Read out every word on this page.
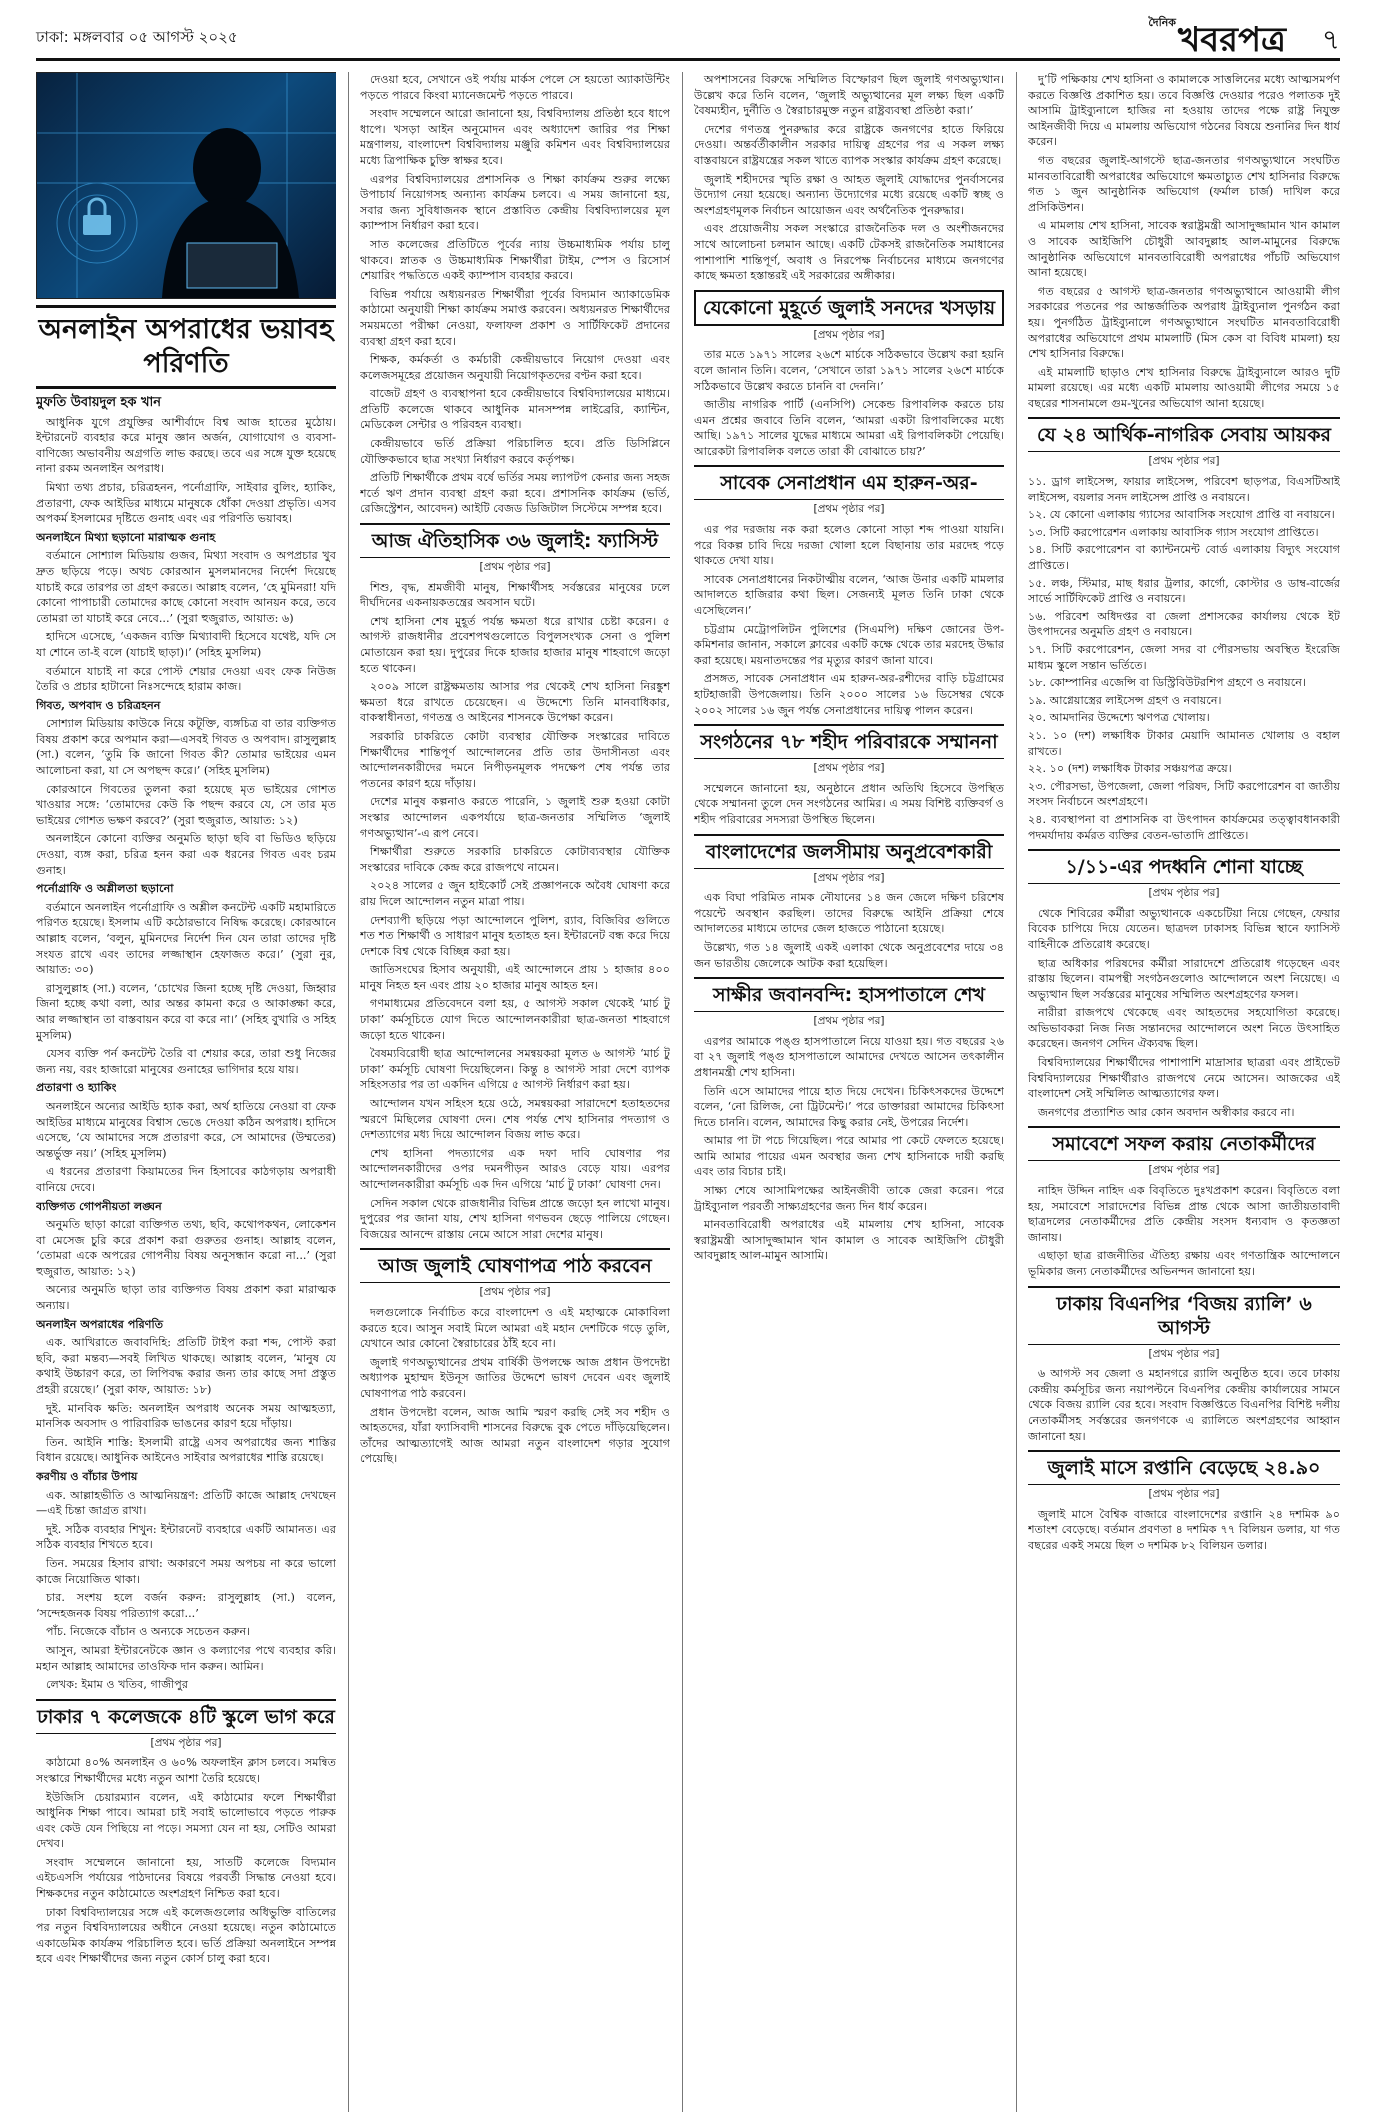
ঢাকা: মঙ্গলবার ০৫ আগস্ট ২০২৫
$^{দৈনিক}$খবরপত্র ৭
অনলাইন অপরাধের ভয়াবহ পরিণতি
মুফতি উবায়দুল হক খান

আধুনিক যুগে প্রযুক্তির আশীর্বাদে বিশ্ব আজ হাতের মুঠোয়। ইন্টারনেট ব্যবহার করে মানুষ জ্ঞান অর্জন, যোগাযোগ ও ব্যবসা-বাণিজ্যে অভাবনীয় অগ্রগতি লাভ করছে। তবে এর সঙ্গে যুক্ত হয়েছে নানা রকম অনলাইন অপরাধ।

মিথ্যা তথ্য প্রচার, চরিত্রহনন, পর্নোগ্রাফি, সাইবার বুলিং, হ্যাকিং, প্রতারণা, ফেক আইডির মাধ্যমে মানুষকে ধোঁকা দেওয়া প্রভৃতি। এসব অপকর্ম ইসলামের দৃষ্টিতে গুনাহ এবং এর পরিণতি ভয়াবহ।

অনলাইনে মিথ্যা ছড়ানো মারাত্মক গুনাহ

বর্তমানে সোশ্যাল মিডিয়ায় গুজব, মিথ্যা সংবাদ ও অপপ্রচার খুব দ্রুত ছড়িয়ে পড়ে। অথচ কোরআন মুসলমানদের নির্দেশ দিয়েছে যাচাই করে তারপর তা গ্রহণ করতে। আল্লাহ বলেন, ‘হে মুমিনরা! যদি কোনো পাপাচারী তোমাদের কাছে কোনো সংবাদ আনয়ন করে, তবে তোমরা তা যাচাই করে নেবে...’ (সুরা হুজুরাত, আয়াত: ৬)

হাদিসে এসেছে, ‘একজন ব্যক্তি মিথ্যাবাদী হিসেবে যথেষ্ট, যদি সে যা শোনে তা-ই বলে (যাচাই ছাড়া)।’ (সহিহ মুসলিম)

বর্তমানে যাচাই না করে পোস্ট শেয়ার দেওয়া এবং ফেক নিউজ তৈরি ও প্রচার হাটানো নিঃসন্দেহে হারাম কাজ।

গিবত, অপবাদ ও চরিত্রহনন

সোশ্যাল মিডিয়ায় কাউকে নিয়ে কটূক্তি, ব্যঙ্গচিত্র বা তার ব্যক্তিগত বিষয় প্রকাশ করে অপমান করা—এসবই গিবত ও অপবাদ। রাসুলুল্লাহ (সা.) বলেন, ‘তুমি কি জানো গিবত কী? তোমার ভাইয়ের এমন আলোচনা করা, যা সে অপছন্দ করে।’ (সহিহ মুসলিম)

কোরআনে গিবতের তুলনা করা হয়েছে মৃত ভাইয়ের গোশত খাওয়ার সঙ্গে: ‘তোমাদের কেউ কি পছন্দ করবে যে, সে তার মৃত ভাইয়ের গোশত ভক্ষণ করবে?’ (সুরা হুজুরাত, আয়াত: ১২)

অনলাইনে কোনো ব্যক্তির অনুমতি ছাড়া ছবি বা ভিডিও ছড়িয়ে দেওয়া, ব্যঙ্গ করা, চরিত্র হনন করা এক ধরনের গিবত এবং চরম গুনাহ।

পর্নোগ্রাফি ও অশ্লীলতা ছড়ানো

বর্তমানে অনলাইন পর্নোগ্রাফি ও অশ্লীল কনটেন্ট একটি মহামারিতে পরিণত হয়েছে। ইসলাম এটি কঠোরভাবে নিষিদ্ধ করেছে। কোরআনে আল্লাহ বলেন, ‘বলুন, মুমিনদের নির্দেশ দিন যেন তারা তাদের দৃষ্টি সংযত রাখে এবং তাদের লজ্জাস্থান হেফাজত করে।’ (সুরা নুর, আয়াত: ৩০)

রাসুলুল্লাহ (সা.) বলেন, ‘চোখের জিনা হচ্ছে দৃষ্টি দেওয়া, জিহ্বার জিনা হচ্ছে কথা বলা, আর অন্তর কামনা করে ও আকাঙ্ক্ষা করে, আর লজ্জাস্থান তা বাস্তবায়ন করে বা করে না।’ (সহিহ বুখারি ও সহিহ মুসলিম)

যেসব ব্যক্তি পর্ন কনটেন্ট তৈরি বা শেয়ার করে, তারা শুধু নিজের জন্য নয়, বরং হাজারো মানুষের গুনাহের ভাগিদার হয়ে যায়।

প্রতারণা ও হ্যাকিং

অনলাইনে অন্যের আইডি হ্যাক করা, অর্থ হাতিয়ে নেওয়া বা ফেক আইডির মাধ্যমে মানুষের বিশ্বাস ভেঙে দেওয়া কঠিন অপরাধ। হাদিসে এসেছে, ‘যে আমাদের সঙ্গে প্রতারণা করে, সে আমাদের (উম্মতের) অন্তর্ভুক্ত নয়।’ (সহিহ মুসলিম)

এ ধরনের প্রতারণা কিয়ামতের দিন হিসাবের কাঠগড়ায় অপরাধী বানিয়ে দেবে।

ব্যক্তিগত গোপনীয়তা লঙ্ঘন

অনুমতি ছাড়া কারো ব্যক্তিগত তথ্য, ছবি, কথোপকথন, লোকেশন বা মেসেজ চুরি করে প্রকাশ করা গুরুতর গুনাহ। আল্লাহ বলেন, ‘তোমরা একে অপরের গোপনীয় বিষয় অনুসন্ধান করো না...’ (সুরা হুজুরাত, আয়াত: ১২)

অন্যের অনুমতি ছাড়া তার ব্যক্তিগত বিষয় প্রকাশ করা মারাত্মক অন্যায়।

অনলাইন অপরাধের পরিণতি

এক. আখিরাতে জবাবদিহি: প্রতিটি টাইপ করা শব্দ, পোস্ট করা ছবি, করা মন্তব্য—সবই লিখিত থাকছে। আল্লাহ বলেন, ‘মানুষ যে কথাই উচ্চারণ করে, তা লিপিবদ্ধ করার জন্য তার কাছে সদা প্রস্তুত প্রহরী রয়েছে।’ (সুরা কাফ, আয়াত: ১৮)

দুই. মানবিক ক্ষতি: অনলাইন অপরাধ অনেক সময় আত্মহত্যা, মানসিক অবসাদ ও পারিবারিক ভাঙনের কারণ হয়ে দাঁড়ায়।

তিন. আইনি শাস্তি: ইসলামী রাষ্ট্রে এসব অপরাধের জন্য শাস্তির বিধান রয়েছে। আধুনিক আইনেও সাইবার অপরাধের শাস্তি রয়েছে।

করণীয় ও বাঁচার উপায়

এক. আল্লাহভীতি ও আত্মনিয়ন্ত্রণ: প্রতিটি কাজে আল্লাহ দেখছেন—এই চিন্তা জাগ্রত রাখা।

দুই. সঠিক ব্যবহার শিখুন: ইন্টারনেট ব্যবহারে একটি আমানত। এর সঠিক ব্যবহার শিখতে হবে।

তিন. সময়ের হিসাব রাখা: অকারণে সময় অপচয় না করে ভালো কাজে নিয়োজিত থাকা।

চার. সংশয় হলে বর্জন করুন: রাসুলুল্লাহ (সা.) বলেন, ‘সন্দেহজনক বিষয় পরিত্যাগ করো...’

পাঁচ. নিজেকে বাঁচান ও অন্যকে সচেতন করুন।

আসুন, আমরা ইন্টারনেটকে জ্ঞান ও কল্যাণের পথে ব্যবহার করি। মহান আল্লাহ আমাদের তাওফিক দান করুন। আমিন।

লেখক: ইমাম ও খতিব, গাজীপুর

ঢাকার ৭ কলেজকে ৪টি স্কুলে ভাগ করে
[প্রথম পৃষ্ঠার পর]

কাঠামো ৪০% অনলাইন ও ৬০% অফলাইন ক্লাস চলবে। সমন্বিত সংস্কারে শিক্ষার্থীদের মধ্যে নতুন আশা তৈরি হয়েছে।

ইউজিসি চেয়ারম্যান বলেন, এই কাঠামোর ফলে শিক্ষার্থীরা আধুনিক শিক্ষা পাবে। আমরা চাই সবাই ভালোভাবে পড়তে পারুক এবং কেউ যেন পিছিয়ে না পড়ে। সমস্যা যেন না হয়, সেটিও আমরা দেখব।

সংবাদ সম্মেলনে জানানো হয়, সাতটি কলেজে বিদ্যমান এইচএসসি পর্যায়ের পাঠদানের বিষয়ে পরবর্তী সিদ্ধান্ত নেওয়া হবে। শিক্ষকদের নতুন কাঠামোতে অংশগ্রহণ নিশ্চিত করা হবে।

ঢাকা বিশ্ববিদ্যালয়ের সঙ্গে এই কলেজগুলোর অধিভুক্তি বাতিলের পর নতুন বিশ্ববিদ্যালয়ের অধীনে নেওয়া হয়েছে। নতুন কাঠামোতে একাডেমিক কার্যক্রম পরিচালিত হবে। ভর্তি প্রক্রিয়া অনলাইনে সম্পন্ন হবে এবং শিক্ষার্থীদের জন্য নতুন কোর্স চালু করা হবে।

দেওয়া হবে, সেখানে ওই পর্যায় মার্কস পেলে সে হয়তো অ্যাকাউন্টিং পড়তে পারবে কিংবা ম্যানেজমেন্ট পড়তে পারবে।

সংবাদ সম্মেলনে আরো জানানো হয়, বিশ্ববিদ্যালয় প্রতিষ্ঠা হবে ধাপে ধাপে। খসড়া আইন অনুমোদন এবং অধ্যাদেশ জারির পর শিক্ষা মন্ত্রণালয়, বাংলাদেশ বিশ্ববিদ্যালয় মঞ্জুরি কমিশন এবং বিশ্ববিদ্যালয়ের মধ্যে ত্রিপাক্ষিক চুক্তি স্বাক্ষর হবে।

এরপর বিশ্ববিদ্যালয়ের প্রশাসনিক ও শিক্ষা কার্যক্রম শুরুর লক্ষ্যে উপাচার্য নিয়োগসহ অন্যান্য কার্যক্রম চলবে। এ সময় জানানো হয়, সবার জন্য সুবিধাজনক স্থানে প্রস্তাবিত কেন্দ্রীয় বিশ্ববিদ্যালয়ের মূল ক্যাম্পাস নির্ধারণ করা হবে।

সাত কলেজের প্রতিটিতে পূর্বের ন্যায় উচ্চমাধ্যমিক পর্যায় চালু থাকবে। স্নাতক ও উচ্চমাধ্যমিক শিক্ষার্থীরা টাইম, স্পেস ও রিসোর্স শেয়ারিং পদ্ধতিতে একই ক্যাম্পাস ব্যবহার করবে।

বিভিন্ন পর্যায়ে অধ্যয়নরত শিক্ষার্থীরা পূর্বের বিদ্যমান অ্যাকাডেমিক কাঠামো অনুযায়ী শিক্ষা কার্যক্রম সমাপ্ত করবেন। অধ্যয়নরত শিক্ষার্থীদের সময়মতো পরীক্ষা নেওয়া, ফলাফল প্রকাশ ও সার্টিফিকেট প্রদানের ব্যবস্থা গ্রহণ করা হবে।

শিক্ষক, কর্মকর্তা ও কর্মচারী কেন্দ্রীয়ভাবে নিয়োগ দেওয়া এবং কলেজসমূহের প্রয়োজন অনুযায়ী নিয়োগকৃতদের বণ্টন করা হবে।

বাজেট গ্রহণ ও ব্যবস্থাপনা হবে কেন্দ্রীয়ভাবে বিশ্ববিদ্যালয়ের মাধ্যমে। প্রতিটি কলেজে থাকবে আধুনিক মানসম্পন্ন লাইব্রেরি, ক্যান্টিন, মেডিকেল সেন্টার ও পরিবহন ব্যবস্থা।

কেন্দ্রীয়ভাবে ভর্তি প্রক্রিয়া পরিচালিত হবে। প্রতি ডিসিপ্লিনে যৌক্তিকভাবে ছাত্র সংখ্যা নির্ধারণ করবে কর্তৃপক্ষ।

প্রতিটি শিক্ষার্থীকে প্রথম বর্ষে ভর্তির সময় ল্যাপটপ কেনার জন্য সহজ শর্তে ঋণ প্রদান ব্যবস্থা গ্রহণ করা হবে। প্রশাসনিক কার্যক্রম (ভর্তি, রেজিস্ট্রেশন, আবেদন) আইটি বেজড ডিজিটাল সিস্টেমে সম্পন্ন হবে।

আজ ঐতিহাসিক ৩৬ জুলাই: ফ্যাসিস্ট
[প্রথম পৃষ্ঠার পর]

শিশু, বৃদ্ধ, শ্রমজীবী মানুষ, শিক্ষার্থীসহ সর্বস্তরের মানুষের ঢলে দীর্ঘদিনের একনায়কতন্ত্রের অবসান ঘটে।

শেখ হাসিনা শেষ মুহূর্ত পর্যন্ত ক্ষমতা ধরে রাখার চেষ্টা করেন। ৫ আগস্ট রাজধানীর প্রবেশপথগুলোতে বিপুলসংখ্যক সেনা ও পুলিশ মোতায়েন করা হয়। দুপুরের দিকে হাজার হাজার মানুষ শাহবাগে জড়ো হতে থাকেন।

২০০৯ সালে রাষ্ট্রক্ষমতায় আসার পর থেকেই শেখ হাসিনা নিরঙ্কুশ ক্ষমতা ধরে রাখতে চেয়েছেন। এ উদ্দেশ্যে তিনি মানবাধিকার, বাকস্বাধীনতা, গণতন্ত্র ও আইনের শাসনকে উপেক্ষা করেন।

সরকারি চাকরিতে কোটা ব্যবস্থার যৌক্তিক সংস্কারের দাবিতে শিক্ষার্থীদের শান্তিপূর্ণ আন্দোলনের প্রতি তার উদাসীনতা এবং আন্দোলনকারীদের দমনে নিপীড়নমূলক পদক্ষেপ শেষ পর্যন্ত তার পতনের কারণ হয়ে দাঁড়ায়।

দেশের মানুষ কল্পনাও করতে পারেনি, ১ জুলাই শুরু হওয়া কোটা সংস্কার আন্দোলন একপর্যায়ে ছাত্র-জনতার সম্মিলিত ‘জুলাই গণঅভ্যুত্থান’-এ রূপ নেবে।

শিক্ষার্থীরা শুরুতে সরকারি চাকরিতে কোটাব্যবস্থার যৌক্তিক সংস্কারের দাবিকে কেন্দ্র করে রাজপথে নামেন।

২০২৪ সালের ৫ জুন হাইকোর্ট সেই প্রজ্ঞাপনকে অবৈধ ঘোষণা করে রায় দিলে আন্দোলন নতুন মাত্রা পায়।

দেশব্যাপী ছড়িয়ে পড়া আন্দোলনে পুলিশ, র‍্যাব, বিজিবির গুলিতে শত শত শিক্ষার্থী ও সাধারণ মানুষ হতাহত হন। ইন্টারনেট বন্ধ করে দিয়ে দেশকে বিশ্ব থেকে বিচ্ছিন্ন করা হয়।

জাতিসংঘের হিসাব অনুযায়ী, এই আন্দোলনে প্রায় ১ হাজার ৪০০ মানুষ নিহত হন এবং প্রায় ২০ হাজার মানুষ আহত হন।

গণমাধ্যমের প্রতিবেদনে বলা হয়, ৫ আগস্ট সকাল থেকেই ‘মার্চ টু ঢাকা’ কর্মসূচিতে যোগ দিতে আন্দোলনকারীরা ছাত্র-জনতা শাহবাগে জড়ো হতে থাকেন।

বৈষম্যবিরোধী ছাত্র আন্দোলনের সমন্বয়করা মূলত ৬ আগস্ট ‘মার্চ টু ঢাকা’ কর্মসূচি ঘোষণা দিয়েছিলেন। কিন্তু ৪ আগস্ট সারা দেশে ব্যাপক সহিংসতার পর তা একদিন এগিয়ে ৫ আগস্ট নির্ধারণ করা হয়।

আন্দোলন যখন সহিংস হয়ে ওঠে, সমন্বয়করা সারাদেশে হতাহতদের স্মরণে মিছিলের ঘোষণা দেন। শেষ পর্যন্ত শেখ হাসিনার পদত্যাগ ও দেশত্যাগের মধ্য দিয়ে আন্দোলন বিজয় লাভ করে।

শেখ হাসিনা পদত্যাগের এক দফা দাবি ঘোষণার পর আন্দোলনকারীদের ওপর দমনপীড়ন আরও বেড়ে যায়। এরপর আন্দোলনকারীরা কর্মসূচি এক দিন এগিয়ে ‘মার্চ টু ঢাকা’ ঘোষণা দেন।

সেদিন সকাল থেকে রাজধানীর বিভিন্ন প্রান্তে জড়ো হন লাখো মানুষ। দুপুরের পর জানা যায়, শেখ হাসিনা গণভবন ছেড়ে পালিয়ে গেছেন। বিজয়ের আনন্দে রাস্তায় নেমে আসে সারা দেশের মানুষ।

আজ জুলাই ঘোষণাপত্র পাঠ করবেন
[প্রথম পৃষ্ঠার পর]

দলগুলোকে নির্বাচিত করে বাংলাদেশ ও এই মহাত্মকে মোকাবিলা করতে হবে। আসুন সবাই মিলে আমরা এই মহান দেশটিকে গড়ে তুলি, যেখানে আর কোনো স্বৈরাচারের ঠাঁই হবে না।

জুলাই গণঅভ্যুত্থানের প্রথম বার্ষিকী উপলক্ষে আজ প্রধান উপদেষ্টা অধ্যাপক মুহাম্মদ ইউনূস জাতির উদ্দেশে ভাষণ দেবেন এবং জুলাই ঘোষণাপত্র পাঠ করবেন।

প্রধান উপদেষ্টা বলেন, আজ আমি স্মরণ করছি সেই সব শহীদ ও আহতদের, যাঁরা ফ্যাসিবাদী শাসনের বিরুদ্ধে বুক পেতে দাঁড়িয়েছিলেন। তাঁদের আত্মত্যাগেই আজ আমরা নতুন বাংলাদেশ গড়ার সুযোগ পেয়েছি।

অপশাসনের বিরুদ্ধে সম্মিলিত বিস্ফোরণ ছিল জুলাই গণঅভ্যুত্থান। উল্লেখ করে তিনি বলেন, ‘জুলাই অভ্যুত্থানের মূল লক্ষ্য ছিল একটি বৈষম্যহীন, দুর্নীতি ও স্বৈরাচারমুক্ত নতুন রাষ্ট্রব্যবস্থা প্রতিষ্ঠা করা।’

দেশের গণতন্ত্র পুনরুদ্ধার করে রাষ্ট্রকে জনগণের হাতে ফিরিয়ে দেওয়া। অন্তর্বর্তীকালীন সরকার দায়িত্ব গ্রহণের পর এ সকল লক্ষ্য বাস্তবায়নে রাষ্ট্রযন্ত্রের সকল খাতে ব্যাপক সংস্কার কার্যক্রম গ্রহণ করেছে।

জুলাই শহীদদের স্মৃতি রক্ষা ও আহত জুলাই যোদ্ধাদের পুনর্বাসনের উদ্যোগ নেয়া হয়েছে। অন্যান্য উদ্যোগের মধ্যে রয়েছে একটি স্বচ্ছ ও অংশগ্রহণমূলক নির্বাচন আয়োজন এবং অর্থনৈতিক পুনরুদ্ধার।

এবং প্রয়োজনীয় সকল সংস্কারে রাজনৈতিক দল ও অংশীজনদের সাথে আলোচনা চলমান আছে। একটি টেকসই রাজনৈতিক সমাধানের পাশাপাশি শান্তিপূর্ণ, অবাধ ও নিরপেক্ষ নির্বাচনের মাধ্যমে জনগণের কাছে ক্ষমতা হস্তান্তরই এই সরকারের অঙ্গীকার।

যেকোনো মুহূর্তে জুলাই সনদের খসড়ায়
[প্রথম পৃষ্ঠার পর]

তার মতে ১৯৭১ সালের ২৬শে মার্চকে সঠিকভাবে উল্লেখ করা হয়নি বলে জানান তিনি। বলেন, ‘সেখানে তারা ১৯৭১ সালের ২৬শে মার্চকে সঠিকভাবে উল্লেখ করতে চাননি বা দেননি।’

জাতীয় নাগরিক পার্টি (এনসিপি) সেকেন্ড রিপাবলিক করতে চায় এমন প্রশ্নের জবাবে তিনি বলেন, ‘আমরা একটা রিপাবলিকের মধ্যে আছি। ১৯৭১ সালের যুদ্ধের মাধ্যমে আমরা এই রিপাবলিকটা পেয়েছি। আরেকটা রিপাবলিক বলতে তারা কী বোঝাতে চায়?’

সাবেক সেনাপ্রধান এম হারুন-অর-
[প্রথম পৃষ্ঠার পর]

এর পর দরজায় নক করা হলেও কোনো সাড়া শব্দ পাওয়া যায়নি। পরে বিকল্প চাবি দিয়ে দরজা খোলা হলে বিছানায় তার মরদেহ পড়ে থাকতে দেখা যায়।

সাবেক সেনাপ্রধানের নিকটাত্মীয় বলেন, ‘আজ উনার একটি মামলার আদালতে হাজিরার কথা ছিল। সেজন্যই মূলত তিনি ঢাকা থেকে এসেছিলেন।’

চট্টগ্রাম মেট্রোপলিটন পুলিশের (সিএমপি) দক্ষিণ জোনের উপ-কমিশনার জানান, সকালে ক্লাবের একটি কক্ষে থেকে তার মরদেহ উদ্ধার করা হয়েছে। ময়নাতদন্তের পর মৃত্যুর কারণ জানা যাবে।

প্রসঙ্গত, সাবেক সেনাপ্রধান এম হারুন-অর-রশীদের বাড়ি চট্টগ্রামের হাটহাজারী উপজেলায়। তিনি ২০০০ সালের ১৬ ডিসেম্বর থেকে ২০০২ সালের ১৬ জুন পর্যন্ত সেনাপ্রধানের দায়িত্ব পালন করেন।

সংগঠনের ৭৮ শহীদ পরিবারকে সম্মাননা
[প্রথম পৃষ্ঠার পর]

সম্মেলনে জানানো হয়, অনুষ্ঠানে প্রধান অতিথি হিসেবে উপস্থিত থেকে সম্মাননা তুলে দেন সংগঠনের আমির। এ সময় বিশিষ্ট ব্যক্তিবর্গ ও শহীদ পরিবারের সদস্যরা উপস্থিত ছিলেন।

বাংলাদেশের জলসীমায় অনুপ্রবেশকারী
[প্রথম পৃষ্ঠার পর]

এক বিঘা পরিমিত নামক নৌযানের ১৪ জন জেলে দক্ষিণ চরিশেষ পয়েন্টে অবস্থান করছিল। তাদের বিরুদ্ধে আইনি প্রক্রিয়া শেষে আদালতের মাধ্যমে তাদের জেল হাজতে পাঠানো হয়েছে।

উল্লেখ্য, গত ১৪ জুলাই একই এলাকা থেকে অনুপ্রবেশের দায়ে ৩৪ জন ভারতীয় জেলেকে আটক করা হয়েছিল।

সাক্ষীর জবানবন্দি: হাসপাতালে শেখ
[প্রথম পৃষ্ঠার পর]

এরপর আমাকে পঙ্গু হাসপাতালে নিয়ে যাওয়া হয়। গত বছরের ২৬ বা ২৭ জুলাই পঙ্গু হাসপাতালে আমাদের দেখতে আসেন তৎকালীন প্রধানমন্ত্রী শেখ হাসিনা।

তিনি এসে আমাদের পায়ে হাত দিয়ে দেখেন। চিকিৎসকদের উদ্দেশে বলেন, ‘নো রিলিজ, নো ট্রিটমেন্ট।’ পরে ডাক্তাররা আমাদের চিকিৎসা দিতে চাননি। বলেন, আমাদের কিছু করার নেই, উপরের নির্দেশ।

আমার পা টা পচে গিয়েছিল। পরে আমার পা কেটে ফেলতে হয়েছে। আমি আমার পায়ের এমন অবস্থার জন্য শেখ হাসিনাকে দায়ী করছি এবং তার বিচার চাই।

সাক্ষ্য শেষে আসামিপক্ষের আইনজীবী তাকে জেরা করেন। পরে ট্রাইব্যুনাল পরবর্তী সাক্ষ্যগ্রহণের জন্য দিন ধার্য করেন।

মানবতাবিরোধী অপরাধের এই মামলায় শেখ হাসিনা, সাবেক স্বরাষ্ট্রমন্ত্রী আসাদুজ্জামান খান কামাল ও সাবেক আইজিপি চৌধুরী আবদুল্লাহ আল-মামুন আসামি।

দু’টি পক্ষিকায় শেখ হাসিনা ও কামালকে সাত্তলিনের মধ্যে আত্মসমর্পণ করতে বিজ্ঞপ্তি প্রকাশিত হয়। তবে বিজ্ঞপ্তি দেওয়ার পরেও পলাতক দুই আসামি ট্রাইব্যুনালে হাজির না হওয়ায় তাদের পক্ষে রাষ্ট্র নিযুক্ত আইনজীবী দিয়ে এ মামলায় অভিযোগ গঠনের বিষয়ে শুনানির দিন ধার্য করেন।

গত বছরের জুলাই-আগস্টে ছাত্র-জনতার গণঅভ্যুত্থানে সংঘটিত মানবতাবিরোধী অপরাধের অভিযোগে ক্ষমতাচ্যুত শেখ হাসিনার বিরুদ্ধে গত ১ জুন আনুষ্ঠানিক অভিযোগ (ফর্মাল চার্জ) দাখিল করে প্রসিকিউশন।

এ মামলায় শেখ হাসিনা, সাবেক স্বরাষ্ট্রমন্ত্রী আসাদুজ্জামান খান কামাল ও সাবেক আইজিপি চৌধুরী আবদুল্লাহ আল-মামুনের বিরুদ্ধে আনুষ্ঠানিক অভিযোগে মানবতাবিরোধী অপরাধের পাঁচটি অভিযোগ আনা হয়েছে।

গত বছরের ৫ আগস্ট ছাত্র-জনতার গণঅভ্যুত্থানে আওয়ামী লীগ সরকারের পতনের পর আন্তর্জাতিক অপরাধ ট্রাইব্যুনাল পুনর্গঠন করা হয়। পুনর্গঠিত ট্রাইব্যুনালে গণঅভ্যুত্থানে সংঘটিত মানবতাবিরোধী অপরাধের অভিযোগে প্রথম মামলাটি (মিস কেস বা বিবিধ মামলা) হয় শেখ হাসিনার বিরুদ্ধে।

এই মামলাটি ছাড়াও শেখ হাসিনার বিরুদ্ধে ট্রাইব্যুনালে আরও দুটি মামলা রয়েছে। এর মধ্যে একটি মামলায় আওয়ামী লীগের সময়ে ১৫ বছরের শাসনামলে গুম-খুনের অভিযোগ আনা হয়েছে।

যে ২৪ আর্থিক-নাগরিক সেবায় আয়কর
[প্রথম পৃষ্ঠার পর]

১১. ড্রাগ লাইসেন্স, ফায়ার লাইসেন্স, পরিবেশ ছাড়পত্র, বিএসটিআই লাইসেন্স, বয়লার সনদ লাইসেন্স প্রাপ্তি ও নবায়নে।

১২. যে কোনো এলাকায় গ্যাসের আবাসিক সংযোগ প্রাপ্তি বা নবায়নে।

১৩. সিটি করপোরেশন এলাকায় আবাসিক গ্যাস সংযোগ প্রাপ্তিতে।

১৪. সিটি করপোরেশন বা ক্যান্টনমেন্ট বোর্ড এলাকায় বিদ্যুৎ সংযোগ প্রাপ্তিতে।

১৫. লঞ্চ, স্টিমার, মাছ ধরার ট্রলার, কার্গো, কোস্টার ও ডাম্ব-বার্জের সার্ভে সার্টিফিকেট প্রাপ্তি ও নবায়নে।

১৬. পরিবেশ অধিদপ্তর বা জেলা প্রশাসকের কার্যালয় থেকে ইট উৎপাদনের অনুমতি গ্রহণ ও নবায়নে।

১৭. সিটি করপোরেশন, জেলা সদর বা পৌরসভায় অবস্থিত ইংরেজি মাধ্যম স্কুলে সন্তান ভর্তিতে।

১৮. কোম্পানির এজেন্সি বা ডিস্ট্রিবিউটরশিপ গ্রহণে ও নবায়নে।

১৯. আগ্নেয়াস্ত্রের লাইসেন্স গ্রহণ ও নবায়নে।

২০. আমদানির উদ্দেশ্যে ঋণপত্র খোলায়।

২১. ১০ (দশ) লক্ষাধিক টাকার মেয়াদি আমানত খোলায় ও বহাল রাখতে।

২২. ১০ (দশ) লক্ষাধিক টাকার সঞ্চয়পত্র ক্রয়ে।

২৩. পৌরসভা, উপজেলা, জেলা পরিষদ, সিটি করপোরেশন বা জাতীয় সংসদ নির্বাচনে অংশগ্রহণে।

২৪. ব্যবস্থাপনা বা প্রশাসনিক বা উৎপাদন কার্যক্রমের তত্ত্বাবধানকারী পদমর্যাদায় কর্মরত ব্যক্তির বেতন-ভাতাদি প্রাপ্তিতে।

১/১১-এর পদধ্বনি শোনা যাচ্ছে
[প্রথম পৃষ্ঠার পর]

থেকে শিবিরের কর্মীরা অভ্যুত্থানকে একচেটিয়া নিয়ে গেছেন, ফেয়ার বিবেক চাপিয়ে দিয়ে যেতেন। ছাত্রদল ঢাকাসহ বিভিন্ন স্থানে ফ্যাসিস্ট বাহিনীকে প্রতিরোধ করেছে।

ছাত্র অধিকার পরিষদের কর্মীরা সারাদেশে প্রতিরোধ গড়েছেন এবং রাস্তায় ছিলেন। বামপন্থী সংগঠনগুলোও আন্দোলনে অংশ নিয়েছে। এ অভ্যুত্থান ছিল সর্বস্তরের মানুষের সম্মিলিত অংশগ্রহণের ফসল।

নারীরা রাজপথে থেকেছে এবং আহতদের সহযোগিতা করেছে। অভিভাবকরা নিজ নিজ সন্তানদের আন্দোলনে অংশ নিতে উৎসাহিত করেছেন। জনগণ সেদিন ঐক্যবদ্ধ ছিল।

বিশ্ববিদ্যালয়ের শিক্ষার্থীদের পাশাপাশি মাদ্রাসার ছাত্ররা এবং প্রাইভেট বিশ্ববিদ্যালয়ের শিক্ষার্থীরাও রাজপথে নেমে আসেন। আজকের এই বাংলাদেশ সেই সম্মিলিত আত্মত্যাগের ফল।

জনগণের প্রত্যাশিত আর কোন অবদান অস্বীকার করবে না।

সমাবেশে সফল করায় নেতাকর্মীদের
[প্রথম পৃষ্ঠার পর]

নাহিদ উদ্দিন নাহিদ এক বিবৃতিতে দুঃখপ্রকাশ করেন। বিবৃতিতে বলা হয়, সমাবেশে সারাদেশের বিভিন্ন প্রান্ত থেকে আসা জাতীয়তাবাদী ছাত্রদলের নেতাকর্মীদের প্রতি কেন্দ্রীয় সংসদ ধন্যবাদ ও কৃতজ্ঞতা জানায়।

এছাড়া ছাত্র রাজনীতির ঐতিহ্য রক্ষায় এবং গণতান্ত্রিক আন্দোলনে ভূমিকার জন্য নেতাকর্মীদের অভিনন্দন জানানো হয়।

ঢাকায় বিএনপির ‘বিজয় র‍্যালি’ ৬ আগস্ট
[প্রথম পৃষ্ঠার পর]

৬ আগস্ট সব জেলা ও মহানগরে র‍্যালি অনুষ্ঠিত হবে। তবে ঢাকায় কেন্দ্রীয় কর্মসূচির জন্য নয়াপল্টনে বিএনপির কেন্দ্রীয় কার্যালয়ের সামনে থেকে বিজয় র‍্যালি বের হবে। সংবাদ বিজ্ঞপ্তিতে বিএনপির বিশিষ্ট দলীয় নেতাকর্মীসহ সর্বস্তরের জনগণকে এ র‍্যালিতে অংশগ্রহণের আহ্বান জানানো হয়।

জুলাই মাসে রপ্তানি বেড়েছে ২৪.৯০
[প্রথম পৃষ্ঠার পর]

জুলাই মাসে বৈশ্বিক বাজারে বাংলাদেশের রপ্তানি ২৪ দশমিক ৯০ শতাংশ বেড়েছে। বর্তমান প্রবণতা ৪ দশমিক ৭৭ বিলিয়ন ডলার, যা গত বছরের একই সময়ে ছিল ৩ দশমিক ৮২ বিলিয়ন ডলার।
